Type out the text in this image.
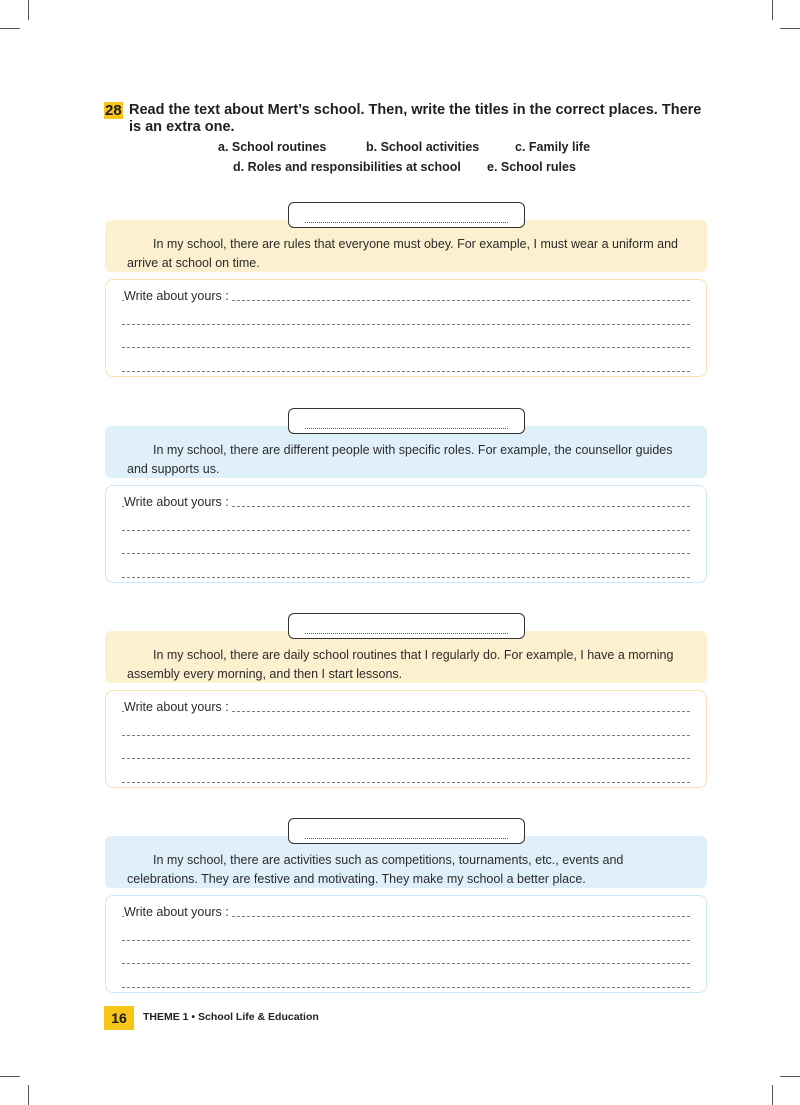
28 Read the text about Mert’s school. Then, write the titles in the correct places. There is an extra one.
a. School routines	b. School activities	c. Family life
d. Roles and responsibilities at school e. School rules
In my school, there are rules that everyone must obey. For example, I must wear a uniform and arrive at school on time.
Write about yours :
In my school, there are different people with specific roles. For example, the counsellor guides and supports us.
Write about yours :
In my school, there are daily school routines that I regularly do. For example, I have a morning assembly every morning, and then I start lessons.
Write about yours :
In my school, there are activities such as competitions, tournaments, etc., events and celebrations. They are festive and motivating. They make my school a better place.
Write about yours :
16	THEME 1 • School Life & Education
